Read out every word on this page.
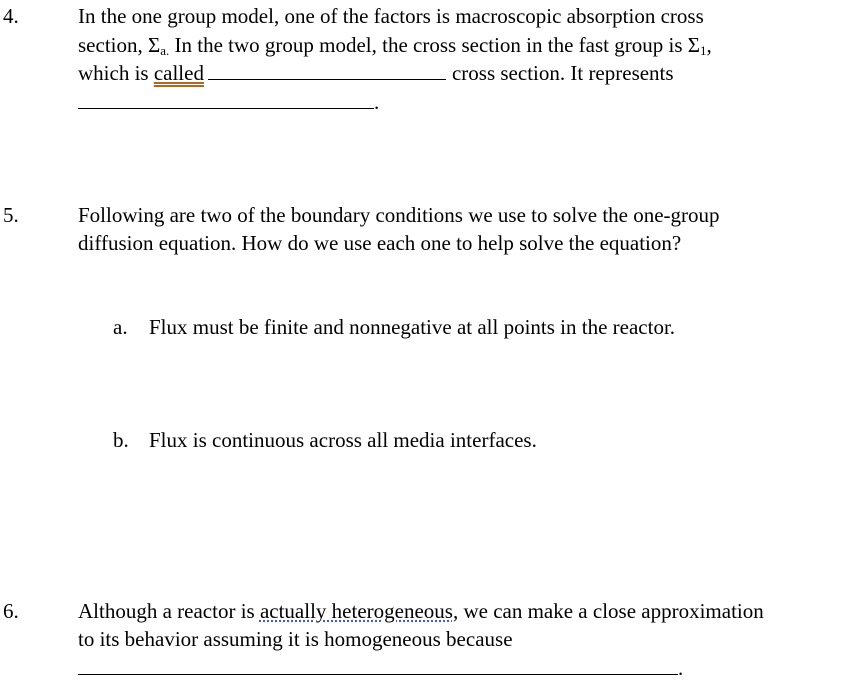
4.	In the one group model, one of the factors is macroscopic absorption cross
section, Σa. In the two group model, the cross section in the fast group is Σ1,
which is called	cross section. It represents
.
5.	Following are two of the boundary conditions we use to solve the one-group
diffusion equation. How do we use each one to help solve the equation?
a. Flux must be finite and nonnegative at all points in the reactor.
b. Flux is continuous across all media interfaces.
6.	Although a reactor is actually heterogeneous, we can make a close approximation
to its behavior assuming it is homogeneous because
.
